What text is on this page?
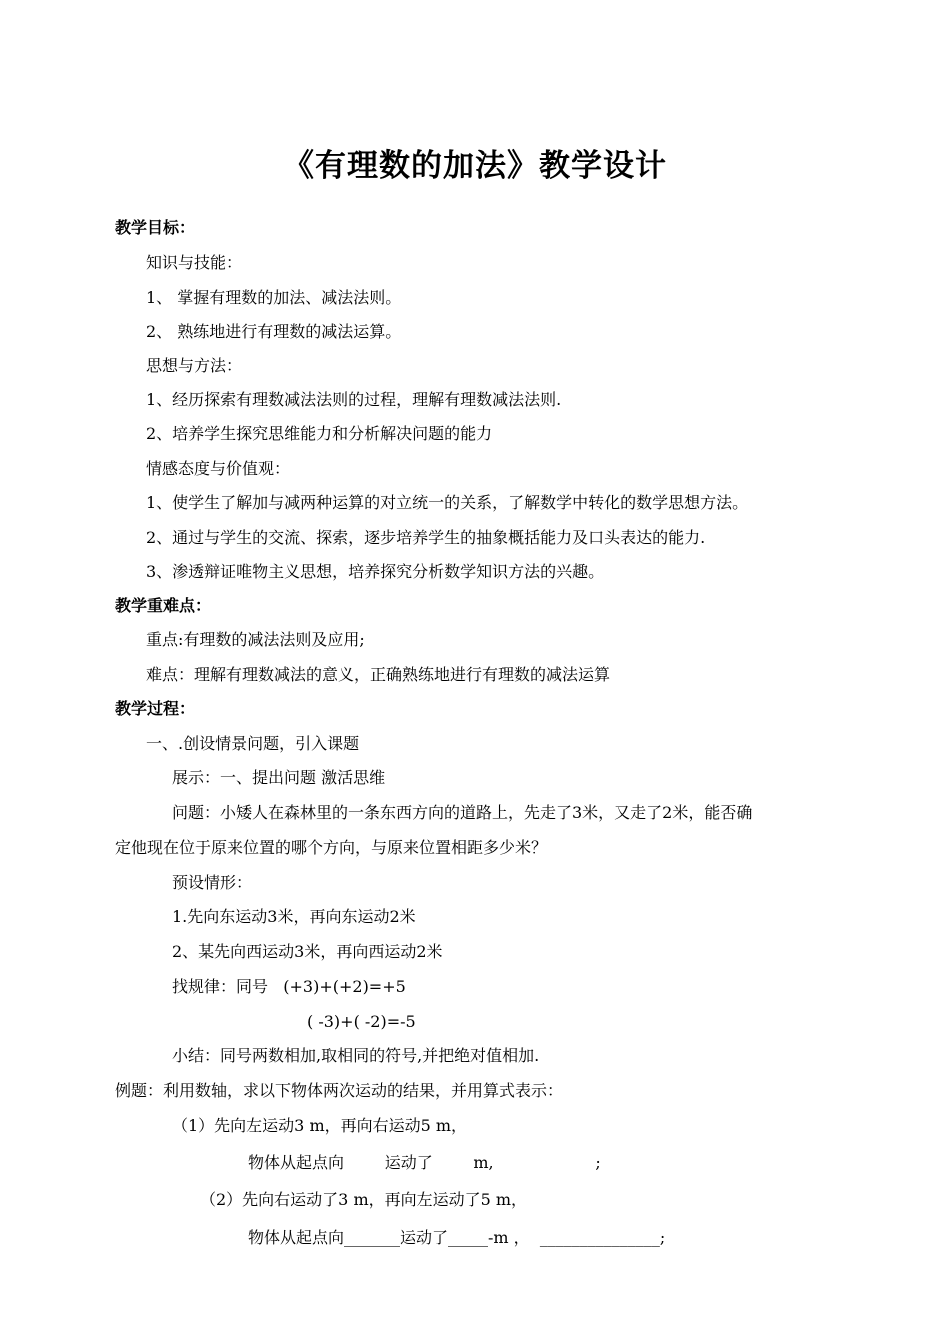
《有理数的加法》教学设计
教学目标：
知识与技能：
1、 掌握有理数的加法、减法法则。
2、 熟练地进行有理数的减法运算。
思想与方法：
1、经历探索有理数减法法则的过程，理解有理数减法法则.
2、培养学生探究思维能力和分析解决问题的能力
情感态度与价值观：
1、使学生了解加与减两种运算的对立统一的关系，了解数学中转化的数学思想方法。
2、通过与学生的交流、探索，逐步培养学生的抽象概括能力及口头表达的能力.
3、渗透辩证唯物主义思想，培养探究分析数学知识方法的兴趣。
教学重难点：
重点:有理数的减法法则及应用;
难点：理解有理数减法的意义，正确熟练地进行有理数的减法运算
教学过程：
一、.创设情景问题，引入课题
展示：一、提出问题 激活思维
问题：小矮人在森林里的一条东西方向的道路上，先走了3米，又走了2米，能否确
定他现在位于原来位置的哪个方向，与原来位置相距多少米？
预设情形：
1.先向东运动3米，再向东运动2米
2、某先向西运动3米，再向西运动2米
找规律：同号   (+3)+(+2)=+5
( -3)+( -2)=-5
小结：同号两数相加,取相同的符号,并把绝对值相加.
例题：利用数轴，求以下物体两次运动的结果，并用算式表示：
（1）先向左运动3 m，再向右运动5 m，
物体从起点向        运动了        m,                    ;
（2）先向右运动了3 m，再向左运动了5 m，
物体从起点向_______运动了_____-m ，  _______________;
